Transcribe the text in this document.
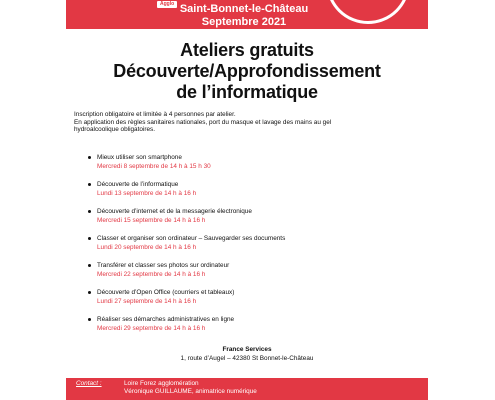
Agglo Saint-Bonnet-le-Château
Septembre 2021
Ateliers gratuits
Découverte/Approfondissement
de l’informatique
Inscription obligatoire et limitée à 4 personnes par atelier.
En application des règles sanitaires nationales, port du masque et lavage des mains au gel
hydroalcoolique obligatoires.
Mieux utiliser son smartphone
Mercredi 8 septembre de 14 h à 15 h 30
Découverte de l’informatique
Lundi 13 septembre de 14 h à 16 h
Découverte d’internet et de la messagerie électronique
Mercredi 15 septembre de 14 h à 16 h
Classer et organiser son ordinateur – Sauvegarder ses documents
Lundi 20 septembre de 14 h à 16 h
Transférer et classer ses photos sur ordinateur
Mercredi 22 septembre de 14 h à 16 h
Découverte d’Open Office (courriers et tableaux)
Lundi 27 septembre de 14 h à 16 h
Réaliser ses démarches administratives en ligne
Mercredi 29 septembre de 14 h à 16 h
France Services
1, route d’Augel – 42380 St Bonnet-le-Château
Contact :	Loire Forez agglomération
Véronique GUILLAUME, animatrice numérique
